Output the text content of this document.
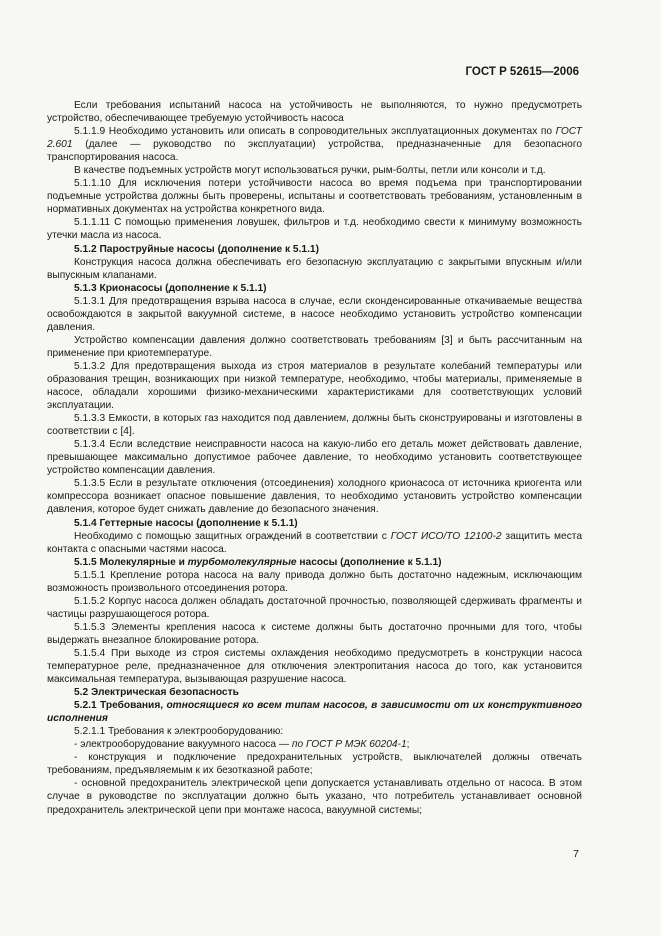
ГОСТ Р 52615—2006

Если требования испытаний насоса на устойчивость не выполняются, то нужно предусмотреть устройство, обеспечивающее требуемую устойчивость насоса

5.1.1.9 Необходимо установить или описать в сопроводительных эксплуатационных документах по ГОСТ 2.601 (далее — руководство по эксплуатации) устройства, предназначенные для безопасного транспортирования насоса.

В качестве подъемных устройств могут использоваться ручки, рым-болты, петли или консоли и т.д.

5.1.1.10 Для исключения потери устойчивости насоса во время подъема при транспортировании подъемные устройства должны быть проверены, испытаны и соответствовать требованиям, установленным в нормативных документах на устройства конкретного вида.

5.1.1.11 С помощью применения ловушек, фильтров и т.д. необходимо свести к минимуму возможность утечки масла из насоса.

5.1.2 Пароструйные насосы (дополнение к 5.1.1)

Конструкция насоса должна обеспечивать его безопасную эксплуатацию с закрытыми впускным и/или выпускным клапанами.

5.1.3 Крионасосы (дополнение к 5.1.1)

5.1.3.1 Для предотвращения взрыва насоса в случае, если сконденсированные откачиваемые вещества освобождаются в закрытой вакуумной системе, в насосе необходимо установить устройство компенсации давления.

Устройство компенсации давления должно соответствовать требованиям [3] и быть рассчитанным на применение при криотемпературе.

5.1.3.2 Для предотвращения выхода из строя материалов в результате колебаний температуры или образования трещин, возникающих при низкой температуре, необходимо, чтобы материалы, применяемые в насосе, обладали хорошими физико-механическими характеристиками для соответствующих условий эксплуатации.

5.1.3.3 Емкости, в которых газ находится под давлением, должны быть сконструированы и изготовлены в соответствии с [4].

5.1.3.4 Если вследствие неисправности насоса на какую-либо его деталь может действовать давление, превышающее максимально допустимое рабочее давление, то необходимо установить соответствующее устройство компенсации давления.

5.1.3.5 Если в результате отключения (отсоединения) холодного крионасоса от источника криогента или компрессора возникает опасное повышение давления, то необходимо установить устройство компенсации давления, которое будет снижать давление до безопасного значения.

5.1.4 Геттерные насосы (дополнение к 5.1.1)

Необходимо с помощью защитных ограждений в соответствии с ГОСТ ИСО/ТО 12100-2 защитить места контакта с опасными частями насоса.

5.1.5 Молекулярные и турбомолекулярные насосы (дополнение к 5.1.1)

5.1.5.1 Крепление ротора насоса на валу привода должно быть достаточно надежным, исключающим возможность произвольного отсоединения ротора.

5.1.5.2 Корпус насоса должен обладать достаточной прочностью, позволяющей сдерживать фрагменты и частицы разрушающегося ротора.

5.1.5.3 Элементы крепления насоса к системе должны быть достаточно прочными для того, чтобы выдержать внезапное блокирование ротора.

5.1.5.4 При выходе из строя системы охлаждения необходимо предусмотреть в конструкции насоса температурное реле, предназначенное для отключения электропитания насоса до того, как установится максимальная температура, вызывающая разрушение насоса.

5.2 Электрическая безопасность

5.2.1 Требования, относящиеся ко всем типам насосов, в зависимости от их конструктивного исполнения

5.2.1.1 Требования к электрооборудованию:

- электрооборудование вакуумного насоса — по ГОСТ Р МЭК 60204-1;

- конструкция и подключение предохранительных устройств, выключателей должны отвечать требованиям, предъявляемым к их безотказной работе;

- основной предохранитель электрической цепи допускается устанавливать отдельно от насоса. В этом случае в руководстве по эксплуатации должно быть указано, что потребитель устанавливает основной предохранитель электрической цепи при монтаже насоса, вакуумной системы;

7
